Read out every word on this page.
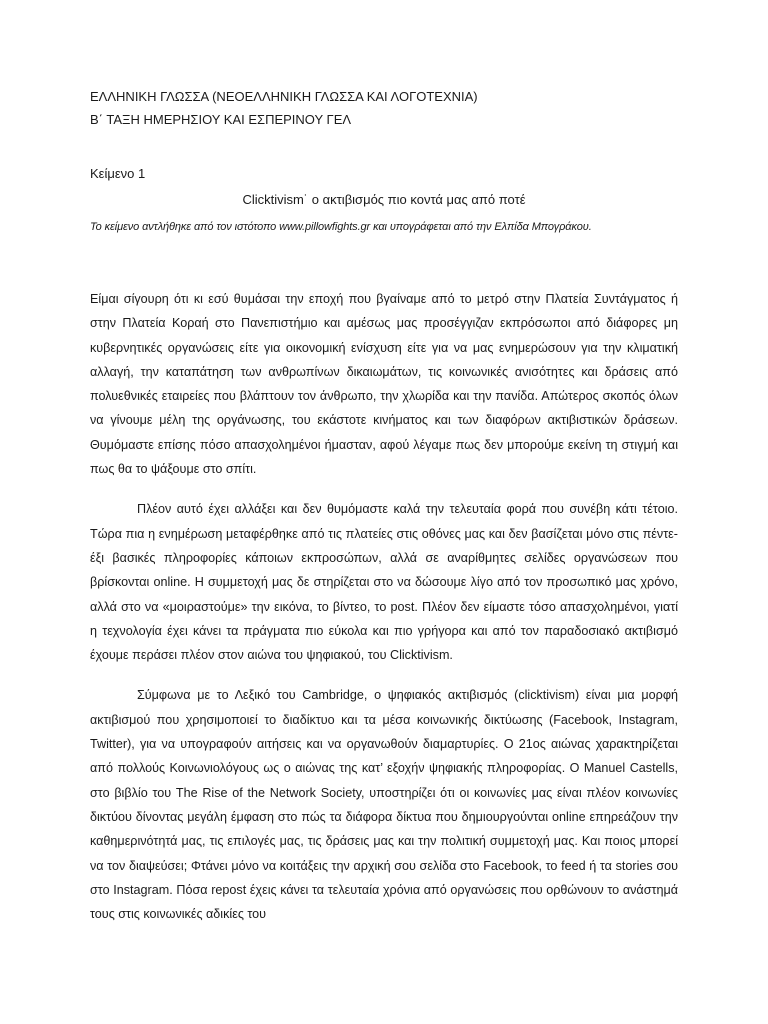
ΕΛΛΗΝΙΚΗ ΓΛΩΣΣΑ (ΝΕΟΕΛΛΗΝΙΚΗ ΓΛΩΣΣΑ ΚΑΙ ΛΟΓΟΤΕΧΝΙΑ)
Β΄ ΤΑΞΗ ΗΜΕΡΗΣΙΟΥ ΚΑΙ ΕΣΠΕΡΙΝΟΥ ΓΕΛ
Κείμενο 1
Clicktivism˙ ο ακτιβισμός πιο κοντά μας από ποτέ
Το κείμενο αντλήθηκε από τον ιστότοπο www.pillowfights.gr και υπογράφεται από την Ελπίδα Μπογράκου.

Είμαι σίγουρη ότι κι εσύ θυμάσαι την εποχή που βγαίναμε από το μετρό στην Πλατεία Συντάγματος ή στην Πλατεία Κοραή στο Πανεπιστήμιο και αμέσως μας προσέγγιζαν εκπρόσωποι από διάφορες μη κυβερνητικές οργανώσεις είτε για οικονομική ενίσχυση είτε για να μας ενημερώσουν για την κλιματική αλλαγή, την καταπάτηση των ανθρωπίνων δικαιωμάτων, τις κοινωνικές ανισότητες και δράσεις από πολυεθνικές εταιρείες που βλάπτουν τον άνθρωπο, την χλωρίδα και την πανίδα. Απώτερος σκοπός όλων να γίνουμε μέλη της οργάνωσης, του εκάστοτε κινήματος και των διαφόρων ακτιβιστικών δράσεων. Θυμόμαστε επίσης πόσο απασχολημένοι ήμασταν, αφού λέγαμε πως δεν μπορούμε εκείνη τη στιγμή και πως θα το ψάξουμε στο σπίτι.

Πλέον αυτό έχει αλλάξει και δεν θυμόμαστε καλά την τελευταία φορά που συνέβη κάτι τέτοιο. Τώρα πια η ενημέρωση μεταφέρθηκε από τις πλατείες στις οθόνες μας και δεν βασίζεται μόνο στις πέντε-έξι βασικές πληροφορίες κάποιων εκπροσώπων, αλλά σε αναρίθμητες σελίδες οργανώσεων που βρίσκονται online. Η συμμετοχή μας δε στηρίζεται στο να δώσουμε λίγο από τον προσωπικό μας χρόνο, αλλά στο να «μοιραστούμε» την εικόνα, το βίντεο, το post. Πλέον δεν είμαστε τόσο απασχολημένοι, γιατί η τεχνολογία έχει κάνει τα πράγματα πιο εύκολα και πιο γρήγορα και από τον παραδοσιακό ακτιβισμό έχουμε περάσει πλέον στον αιώνα του ψηφιακού, του Clicktivism.

Σύμφωνα με το Λεξικό του Cambridge, ο ψηφιακός ακτιβισμός (clicktivism) είναι μια μορφή ακτιβισμού που χρησιμοποιεί το διαδίκτυο και τα μέσα κοινωνικής δικτύωσης (Facebook, Instagram, Twitter), για να υπογραφούν αιτήσεις και να οργανωθούν διαμαρτυρίες. Ο 21ος αιώνας χαρακτηρίζεται από πολλούς Κοινωνιολόγους ως ο αιώνας της κατ’ εξοχήν ψηφιακής πληροφορίας. O Manuel Castells, στο βιβλίο του The Rise of the Network Society, υποστηρίζει ότι οι κοινωνίες μας είναι πλέον κοινωνίες δικτύου δίνοντας μεγάλη έμφαση στο πώς τα διάφορα δίκτυα που δημιουργούνται online επηρεάζουν την καθημερινότητά μας, τις επιλογές μας, τις δράσεις μας και την πολιτική συμμετοχή μας. Και ποιος μπορεί να τον διαψεύσει; Φτάνει μόνο να κοιτάξεις την αρχική σου σελίδα στο Facebook, το feed ή τα stories σου στο Instagram. Πόσα repost έχεις κάνει τα τελευταία χρόνια από οργανώσεις που ορθώνουν το ανάστημά τους στις κοινωνικές αδικίες του
